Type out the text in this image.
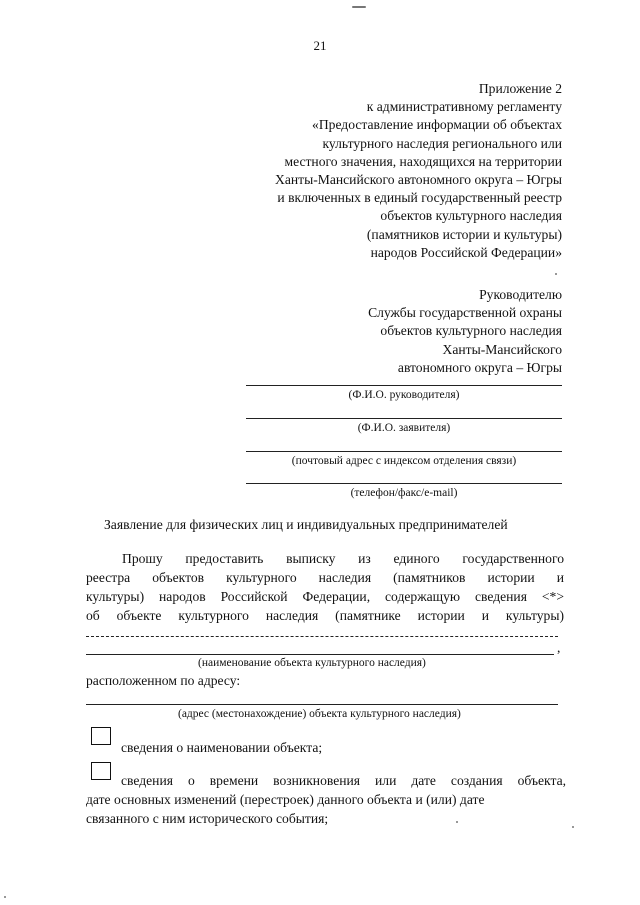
21
Приложение 2
к административному регламенту
«Предоставление информации об объектах
культурного наследия регионального или
местного значения, находящихся на территории
Ханты-Мансийского автономного округа – Югры
и включенных в единый государственный реестр
объектов культурного наследия
(памятников истории и культуры)
народов Российской Федерации»
Руководителю
Службы государственной охраны
объектов культурного наследия
Ханты-Мансийского
автономного округа – Югры
(Ф.И.О. руководителя)
(Ф.И.О. заявителя)
(почтовый адрес с индексом отделения связи)
(телефон/факс/e-mail)
Заявление для физических лиц и индивидуальных предпринимателей
Прошу предоставить выписку из единого государственного
реестра объектов культурного наследия (памятников истории и
культуры) народов Российской Федерации, содержащую сведения <*>
об объекте культурного наследия (памятнике истории и культуры)
,
(наименование объекта культурного наследия)
расположенном по адресу:
(адрес (местонахождение) объекта культурного наследия)
сведения о наименовании объекта;
сведения о времени возникновения или дате создания объекта,
дате основных изменений (перестроек) данного объекта и (или) дате
связанного с ним исторического события;
